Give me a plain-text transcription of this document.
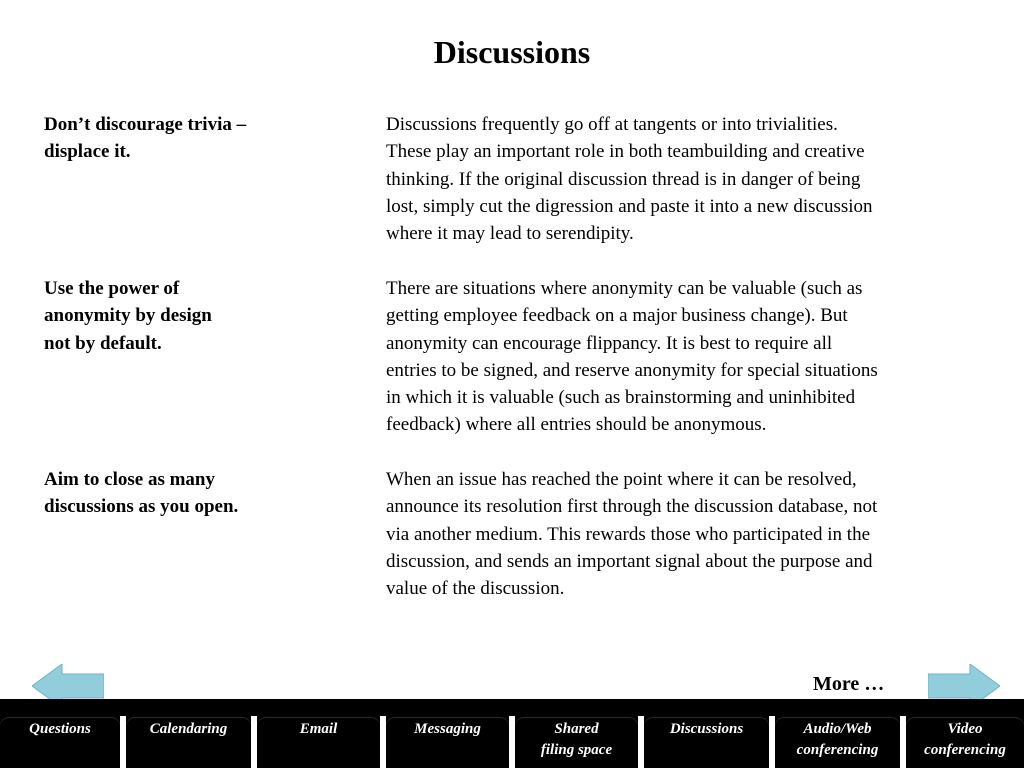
Discussions

Don’t discourage trivia –
displace it.

Discussions frequently go off at tangents or into trivialities.
These play an important role in both teambuilding and creative
thinking. If the original discussion thread is in danger of being
lost, simply cut the digression and paste it into a new discussion
where it may lead to serendipity.

Use the power of
anonymity by design
not by default.

There are situations where anonymity can be valuable (such as
getting employee feedback on a major business change). But
anonymity can encourage flippancy. It is best to require all
entries to be signed, and reserve anonymity for special situations
in which it is valuable (such as brainstorming and uninhibited
feedback) where all entries should be anonymous.

Aim to close as many
discussions as you open.

When an issue has reached the point where it can be resolved,
announce its resolution first through the discussion database, not
via another medium. This rewards those who participated in the
discussion, and sends an important signal about the purpose and
value of the discussion.

More …
Questions	Calendaring	Email	Messaging	Shared
filing space
Discussions	Audio/Web
conferencing
Video
conferencing
